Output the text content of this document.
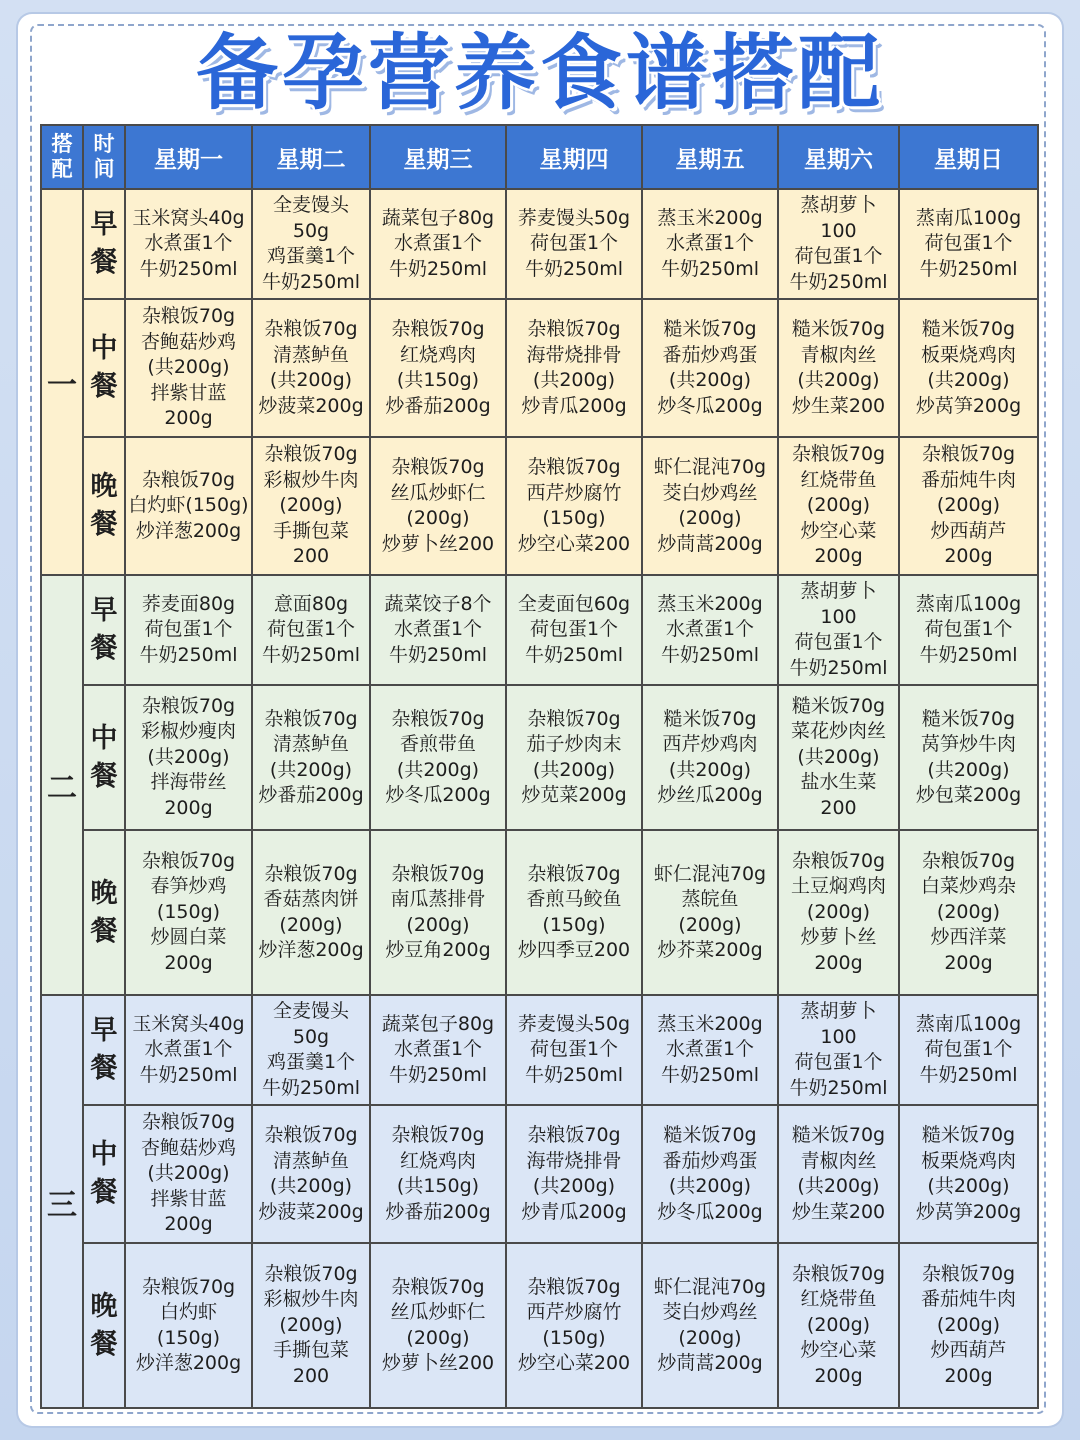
备孕营养食谱搭配
搭配	时间	星期一	星期二	星期三	星期四	星期五	星期六	星期日
一	早餐	玉米窝头40g
水煮蛋1个
牛奶250ml	全麦馒头
50g
鸡蛋羹1个
牛奶250ml	蔬菜包子80g
水煮蛋1个
牛奶250ml	荞麦馒头50g
荷包蛋1个
牛奶250ml	蒸玉米200g
水煮蛋1个
牛奶250ml	蒸胡萝卜
100
荷包蛋1个
牛奶250ml	蒸南瓜100g
荷包蛋1个
牛奶250ml
	中餐	杂粮饭70g
杏鲍菇炒鸡
(共200g)
拌紫甘蓝
200g	杂粮饭70g
清蒸鲈鱼
(共200g)
炒菠菜200g	杂粮饭70g
红烧鸡肉
(共150g)
炒番茄200g	杂粮饭70g
海带烧排骨
(共200g)
炒青瓜200g	糙米饭70g
番茄炒鸡蛋
(共200g)
炒冬瓜200g	糙米饭70g
青椒肉丝
(共200g)
炒生菜200	糙米饭70g
板栗烧鸡肉
(共200g)
炒莴笋200g
	晚餐	杂粮饭70g
白灼虾(150g)
炒洋葱200g	杂粮饭70g
彩椒炒牛肉
(200g)
手撕包菜
200	杂粮饭70g
丝瓜炒虾仁
(200g)
炒萝卜丝200	杂粮饭70g
西芹炒腐竹
(150g)
炒空心菜200	虾仁混沌70g
茭白炒鸡丝
(200g)
炒茼蒿200g	杂粮饭70g
红烧带鱼
(200g)
炒空心菜
200g	杂粮饭70g
番茄炖牛肉
(200g)
炒西葫芦
200g
二	早餐	荞麦面80g
荷包蛋1个
牛奶250ml	意面80g
荷包蛋1个
牛奶250ml	蔬菜饺子8个
水煮蛋1个
牛奶250ml	全麦面包60g
荷包蛋1个
牛奶250ml	蒸玉米200g
水煮蛋1个
牛奶250ml	蒸胡萝卜
100
荷包蛋1个
牛奶250ml	蒸南瓜100g
荷包蛋1个
牛奶250ml
	中餐	杂粮饭70g
彩椒炒瘦肉
(共200g)
拌海带丝
200g	杂粮饭70g
清蒸鲈鱼
(共200g)
炒番茄200g	杂粮饭70g
香煎带鱼
(共200g)
炒冬瓜200g	杂粮饭70g
茄子炒肉末
(共200g)
炒苋菜200g	糙米饭70g
西芹炒鸡肉
(共200g)
炒丝瓜200g	糙米饭70g
菜花炒肉丝
(共200g)
盐水生菜
200	糙米饭70g
莴笋炒牛肉
(共200g)
炒包菜200g
	晚餐	杂粮饭70g
春笋炒鸡
(150g)
炒圆白菜
200g	杂粮饭70g
香菇蒸肉饼
(200g)
炒洋葱200g	杂粮饭70g
南瓜蒸排骨
(200g)
炒豆角200g	杂粮饭70g
香煎马鲛鱼
(150g)
炒四季豆200	虾仁混沌70g
蒸皖鱼
(200g)
炒芥菜200g	杂粮饭70g
土豆焖鸡肉
(200g)
炒萝卜丝
200g	杂粮饭70g
白菜炒鸡杂
(200g)
炒西洋菜
200g
三	早餐	玉米窝头40g
水煮蛋1个
牛奶250ml	全麦馒头
50g
鸡蛋羹1个
牛奶250ml	蔬菜包子80g
水煮蛋1个
牛奶250ml	荞麦馒头50g
荷包蛋1个
牛奶250ml	蒸玉米200g
水煮蛋1个
牛奶250ml	蒸胡萝卜
100
荷包蛋1个
牛奶250ml	蒸南瓜100g
荷包蛋1个
牛奶250ml
	中餐	杂粮饭70g
杏鲍菇炒鸡
(共200g)
拌紫甘蓝
200g	杂粮饭70g
清蒸鲈鱼
(共200g)
炒菠菜200g	杂粮饭70g
红烧鸡肉
(共150g)
炒番茄200g	杂粮饭70g
海带烧排骨
(共200g)
炒青瓜200g	糙米饭70g
番茄炒鸡蛋
(共200g)
炒冬瓜200g	糙米饭70g
青椒肉丝
(共200g)
炒生菜200	糙米饭70g
板栗烧鸡肉
(共200g)
炒莴笋200g
	晚餐	杂粮饭70g
白灼虾
(150g)
炒洋葱200g	杂粮饭70g
彩椒炒牛肉
(200g)
手撕包菜
200	杂粮饭70g
丝瓜炒虾仁
(200g)
炒萝卜丝200	杂粮饭70g
西芹炒腐竹
(150g)
炒空心菜200	虾仁混沌70g
茭白炒鸡丝
(200g)
炒茼蒿200g	杂粮饭70g
红烧带鱼
(200g)
炒空心菜
200g	杂粮饭70g
番茄炖牛肉
(200g)
炒西葫芦
200g
